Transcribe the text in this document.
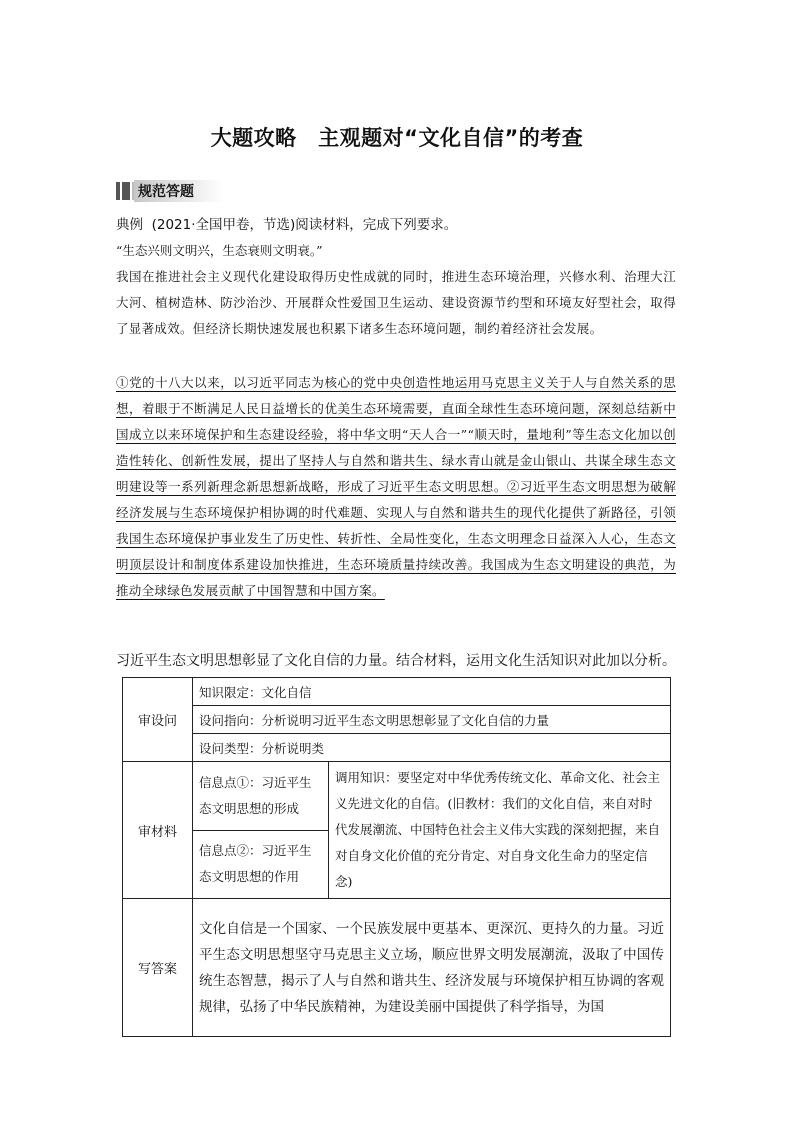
大题攻略　主观题对“文化自信”的考查
规范答题

典例 (2021·全国甲卷，节选)阅读材料，完成下列要求。

“生态兴则文明兴，生态衰则文明衰。”

我国在推进社会主义现代化建设取得历史性成就的同时，推进生态环境治理，兴修水利、治理大江大河、植树造林、防沙治沙、开展群众性爱国卫生运动、建设资源节约型和环境友好型社会，取得了显著成效。但经济长期快速发展也积累下诸多生态环境问题，制约着经济社会发展。

①党的十八大以来，以习近平同志为核心的党中央创造性地运用马克思主义关于人与自然关系的思想，着眼于不断满足人民日益增长的优美生态环境需要，直面全球性生态环境问题，深刻总结新中国成立以来环境保护和生态建设经验，将中华文明“天人合一”“顺天时，量地利”等生态文化加以创造性转化、创新性发展，提出了坚持人与自然和谐共生、绿水青山就是金山银山、共谋全球生态文明建设等一系列新理念新思想新战略，形成了习近平生态文明思想。②习近平生态文明思想为破解经济发展与生态环境保护相协调的时代难题、实现人与自然和谐共生的现代化提供了新路径，引领我国生态环境保护事业发生了历史性、转折性、全局性变化，生态文明理念日益深入人心，生态文明顶层设计和制度体系建设加快推进，生态环境质量持续改善。我国成为生态文明建设的典范，为推动全球绿色发展贡献了中国智慧和中国方案。

习近平生态文明思想彰显了文化自信的力量。结合材料，运用文化生活知识对此加以分析。

审设问	知识限定：文化自信	
	设问指向：分析说明习近平生态文明思想彰显了文化自信的力量	
	设问类型：分析说明类	
审材料	信息点①：习近平生态文明思想的形成	调用知识：要坚定对中华优秀传统文化、革命文化、社会主义先进文化的自信。(旧教材：我们的文化自信，来自对时代发展潮流、中国特色社会主义伟大实践的深刻把握，来自对自身文化价值的充分肯定、对自身文化生命力的坚定信念)
	信息点②：习近平生态文明思想的作用	
写答案	文化自信是一个国家、一个民族发展中更基本、更深沉、更持久的力量。习近平生态文明思想坚守马克思主义立场，顺应世界文明发展潮流，汲取了中国传统生态智慧，揭示了人与自然和谐共生、经济发展与环境保护相互协调的客观规律，弘扬了中华民族精神，为建设美丽中国提供了科学指导，为国	
